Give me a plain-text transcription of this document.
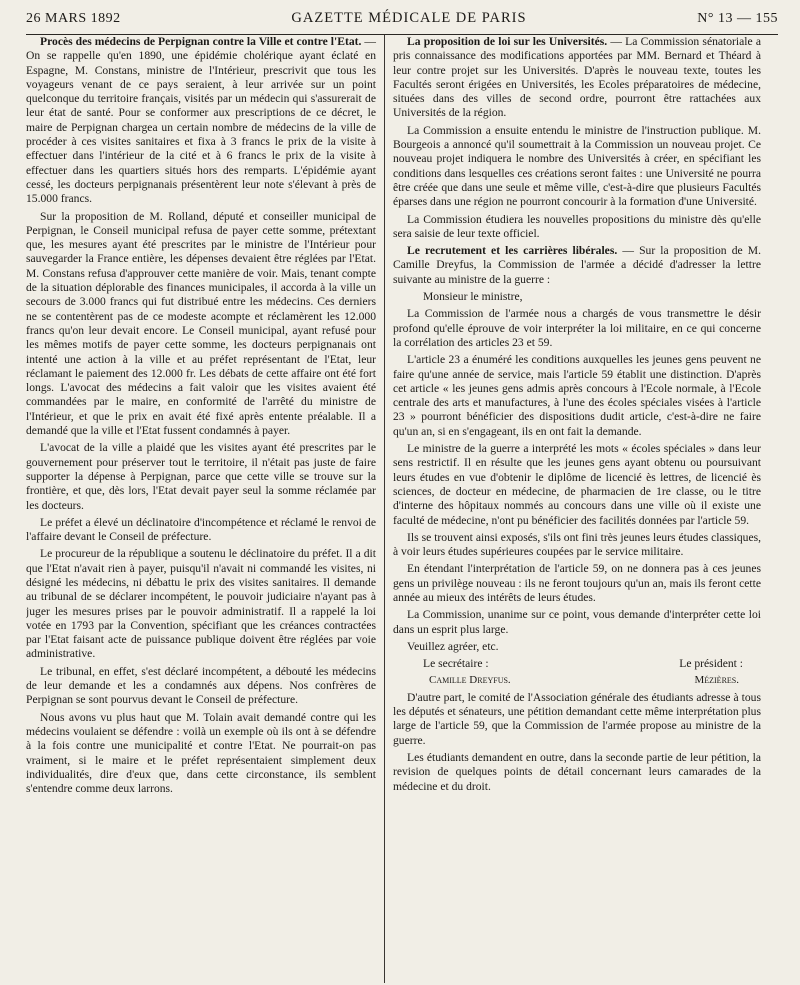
26 MARS 1892	GAZETTE MÉDICALE DE PARIS	N° 13 — 155

Procès des médecins de Perpignan contre la Ville et contre l'Etat. — On se rappelle qu'en 1890, une épidémie cholérique ayant éclaté en Espagne, M. Constans, ministre de l'Intérieur, prescrivit que tous les voyageurs venant de ce pays seraient, à leur arrivée sur un point quelconque du territoire français, visités par un médecin qui s'assurerait de leur état de santé. Pour se conformer aux prescriptions de ce décret, le maire de Perpignan chargea un certain nombre de médecins de la ville de procéder à ces visites sanitaires et fixa à 3 francs le prix de la visite à effectuer dans l'intérieur de la cité et à 6 francs le prix de la visite à effectuer dans les quartiers situés hors des remparts. L'épidémie ayant cessé, les docteurs perpignanais présentèrent leur note s'élevant à près de 15.000 francs.

Sur la proposition de M. Rolland, député et conseiller municipal de Perpignan, le Conseil municipal refusa de payer cette somme, prétextant que, les mesures ayant été prescrites par le ministre de l'Intérieur pour sauvegarder la France entière, les dépenses devaient être réglées par l'Etat. M. Constans refusa d'approuver cette manière de voir. Mais, tenant compte de la situation déplorable des finances municipales, il accorda à la ville un secours de 3.000 francs qui fut distribué entre les médecins. Ces derniers ne se contentèrent pas de ce modeste acompte et réclamèrent les 12.000 francs qu'on leur devait encore. Le Conseil municipal, ayant refusé pour les mêmes motifs de payer cette somme, les docteurs perpignanais ont intenté une action à la ville et au préfet représentant de l'Etat, leur réclamant le paiement des 12.000 fr. Les débats de cette affaire ont été fort longs. L'avocat des médecins a fait valoir que les visites avaient été commandées par le maire, en conformité de l'arrêté du ministre de l'Intérieur, et que le prix en avait été fixé après entente préalable. Il a demandé que la ville et l'Etat fussent condamnés à payer.

L'avocat de la ville a plaidé que les visites ayant été prescrites par le gouvernement pour préserver tout le territoire, il n'était pas juste de faire supporter la dépense à Perpignan, parce que cette ville se trouve sur la frontière, et que, dès lors, l'Etat devait payer seul la somme réclamée par les docteurs.

Le préfet a élevé un déclinatoire d'incompétence et réclamé le renvoi de l'affaire devant le Conseil de préfecture.

Le procureur de la république a soutenu le déclinatoire du préfet. Il a dit que l'Etat n'avait rien à payer, puisqu'il n'avait ni commandé les visites, ni désigné les médecins, ni débattu le prix des visites sanitaires. Il demande au tribunal de se déclarer incompétent, le pouvoir judiciaire n'ayant pas à juger les mesures prises par le pouvoir administratif. Il a rappelé la loi votée en 1793 par la Convention, spécifiant que les créances contractées par l'Etat faisant acte de puissance publique doivent être réglées par voie administrative.

Le tribunal, en effet, s'est déclaré incompétent, a débouté les médecins de leur demande et les a condamnés aux dépens. Nos confrères de Perpignan se sont pourvus devant le Conseil de préfecture.

Nous avons vu plus haut que M. Tolain avait demandé contre qui les médecins voulaient se défendre : voilà un exemple où ils ont à se défendre à la fois contre une municipalité et contre l'Etat. Ne pourrait-on pas vraiment, si le maire et le préfet représentaient simplement deux individualités, dire d'eux que, dans cette circonstance, ils semblent s'entendre comme deux larrons.

La proposition de loi sur les Universités. — La Commission sénatoriale a pris connaissance des modifications apportées par MM. Bernard et Théard à leur contre projet sur les Universités. D'après le nouveau texte, toutes les Facultés seront érigées en Universités, les Ecoles préparatoires de médecine, situées dans des villes de second ordre, pourront être rattachées aux Universités de la région.

La Commission a ensuite entendu le ministre de l'instruction publique. M. Bourgeois a annoncé qu'il soumettrait à la Commission un nouveau projet. Ce nouveau projet indiquera le nombre des Universités à créer, en spécifiant les conditions dans lesquelles ces créations seront faites : une Université ne pourra être créée que dans une seule et même ville, c'est-à-dire que plusieurs Facultés éparses dans une région ne pourront concourir à la formation d'une Université.

La Commission étudiera les nouvelles propositions du ministre dès qu'elle sera saisie de leur texte officiel.

Le recrutement et les carrières libérales. — Sur la proposition de M. Camille Dreyfus, la Commission de l'armée a décidé d'adresser la lettre suivante au ministre de la guerre :

Monsieur le ministre,

La Commission de l'armée nous a chargés de vous transmettre le désir profond qu'elle éprouve de voir interpréter la loi militaire, en ce qui concerne la corrélation des articles 23 et 59.

L'article 23 a énuméré les conditions auxquelles les jeunes gens peuvent ne faire qu'une année de service, mais l'article 59 établit une distinction. D'après cet article « les jeunes gens admis après concours à l'Ecole normale, à l'Ecole centrale des arts et manufactures, à l'une des écoles spéciales visées à l'article 23 » pourront bénéficier des dispositions dudit article, c'est-à-dire ne faire qu'un an, si en s'engageant, ils en ont fait la demande.

Le ministre de la guerre a interprété les mots « écoles spéciales » dans leur sens restrictif. Il en résulte que les jeunes gens ayant obtenu ou poursuivant leurs études en vue d'obtenir le diplôme de licencié ès lettres, de licencié ès sciences, de docteur en médecine, de pharmacien de 1re classe, ou le titre d'interne des hôpitaux nommés au concours dans une ville où il existe une faculté de médecine, n'ont pu bénéficier des facilités données par l'article 59.

Ils se trouvent ainsi exposés, s'ils ont fini très jeunes leurs études classiques, à voir leurs études supérieures coupées par le service militaire.

En étendant l'interprétation de l'article 59, on ne donnera pas à ces jeunes gens un privilège nouveau : ils ne feront toujours qu'un an, mais ils feront cette année au mieux des intérêts de leurs études.

La Commission, unanime sur ce point, vous demande d'interpréter cette loi dans un esprit plus large.

Veuillez agréer, etc.

Le secrétaire :	Le président :
Camille Dreyfus.	Mézières.

D'autre part, le comité de l'Association générale des étudiants adresse à tous les députés et sénateurs, une pétition demandant cette même interprétation plus large de l'article 59, que la Commission de l'armée propose au ministre de la guerre.

Les étudiants demandent en outre, dans la seconde partie de leur pétition, la revision de quelques points de détail concernant leurs camarades de la médecine et du droit.
